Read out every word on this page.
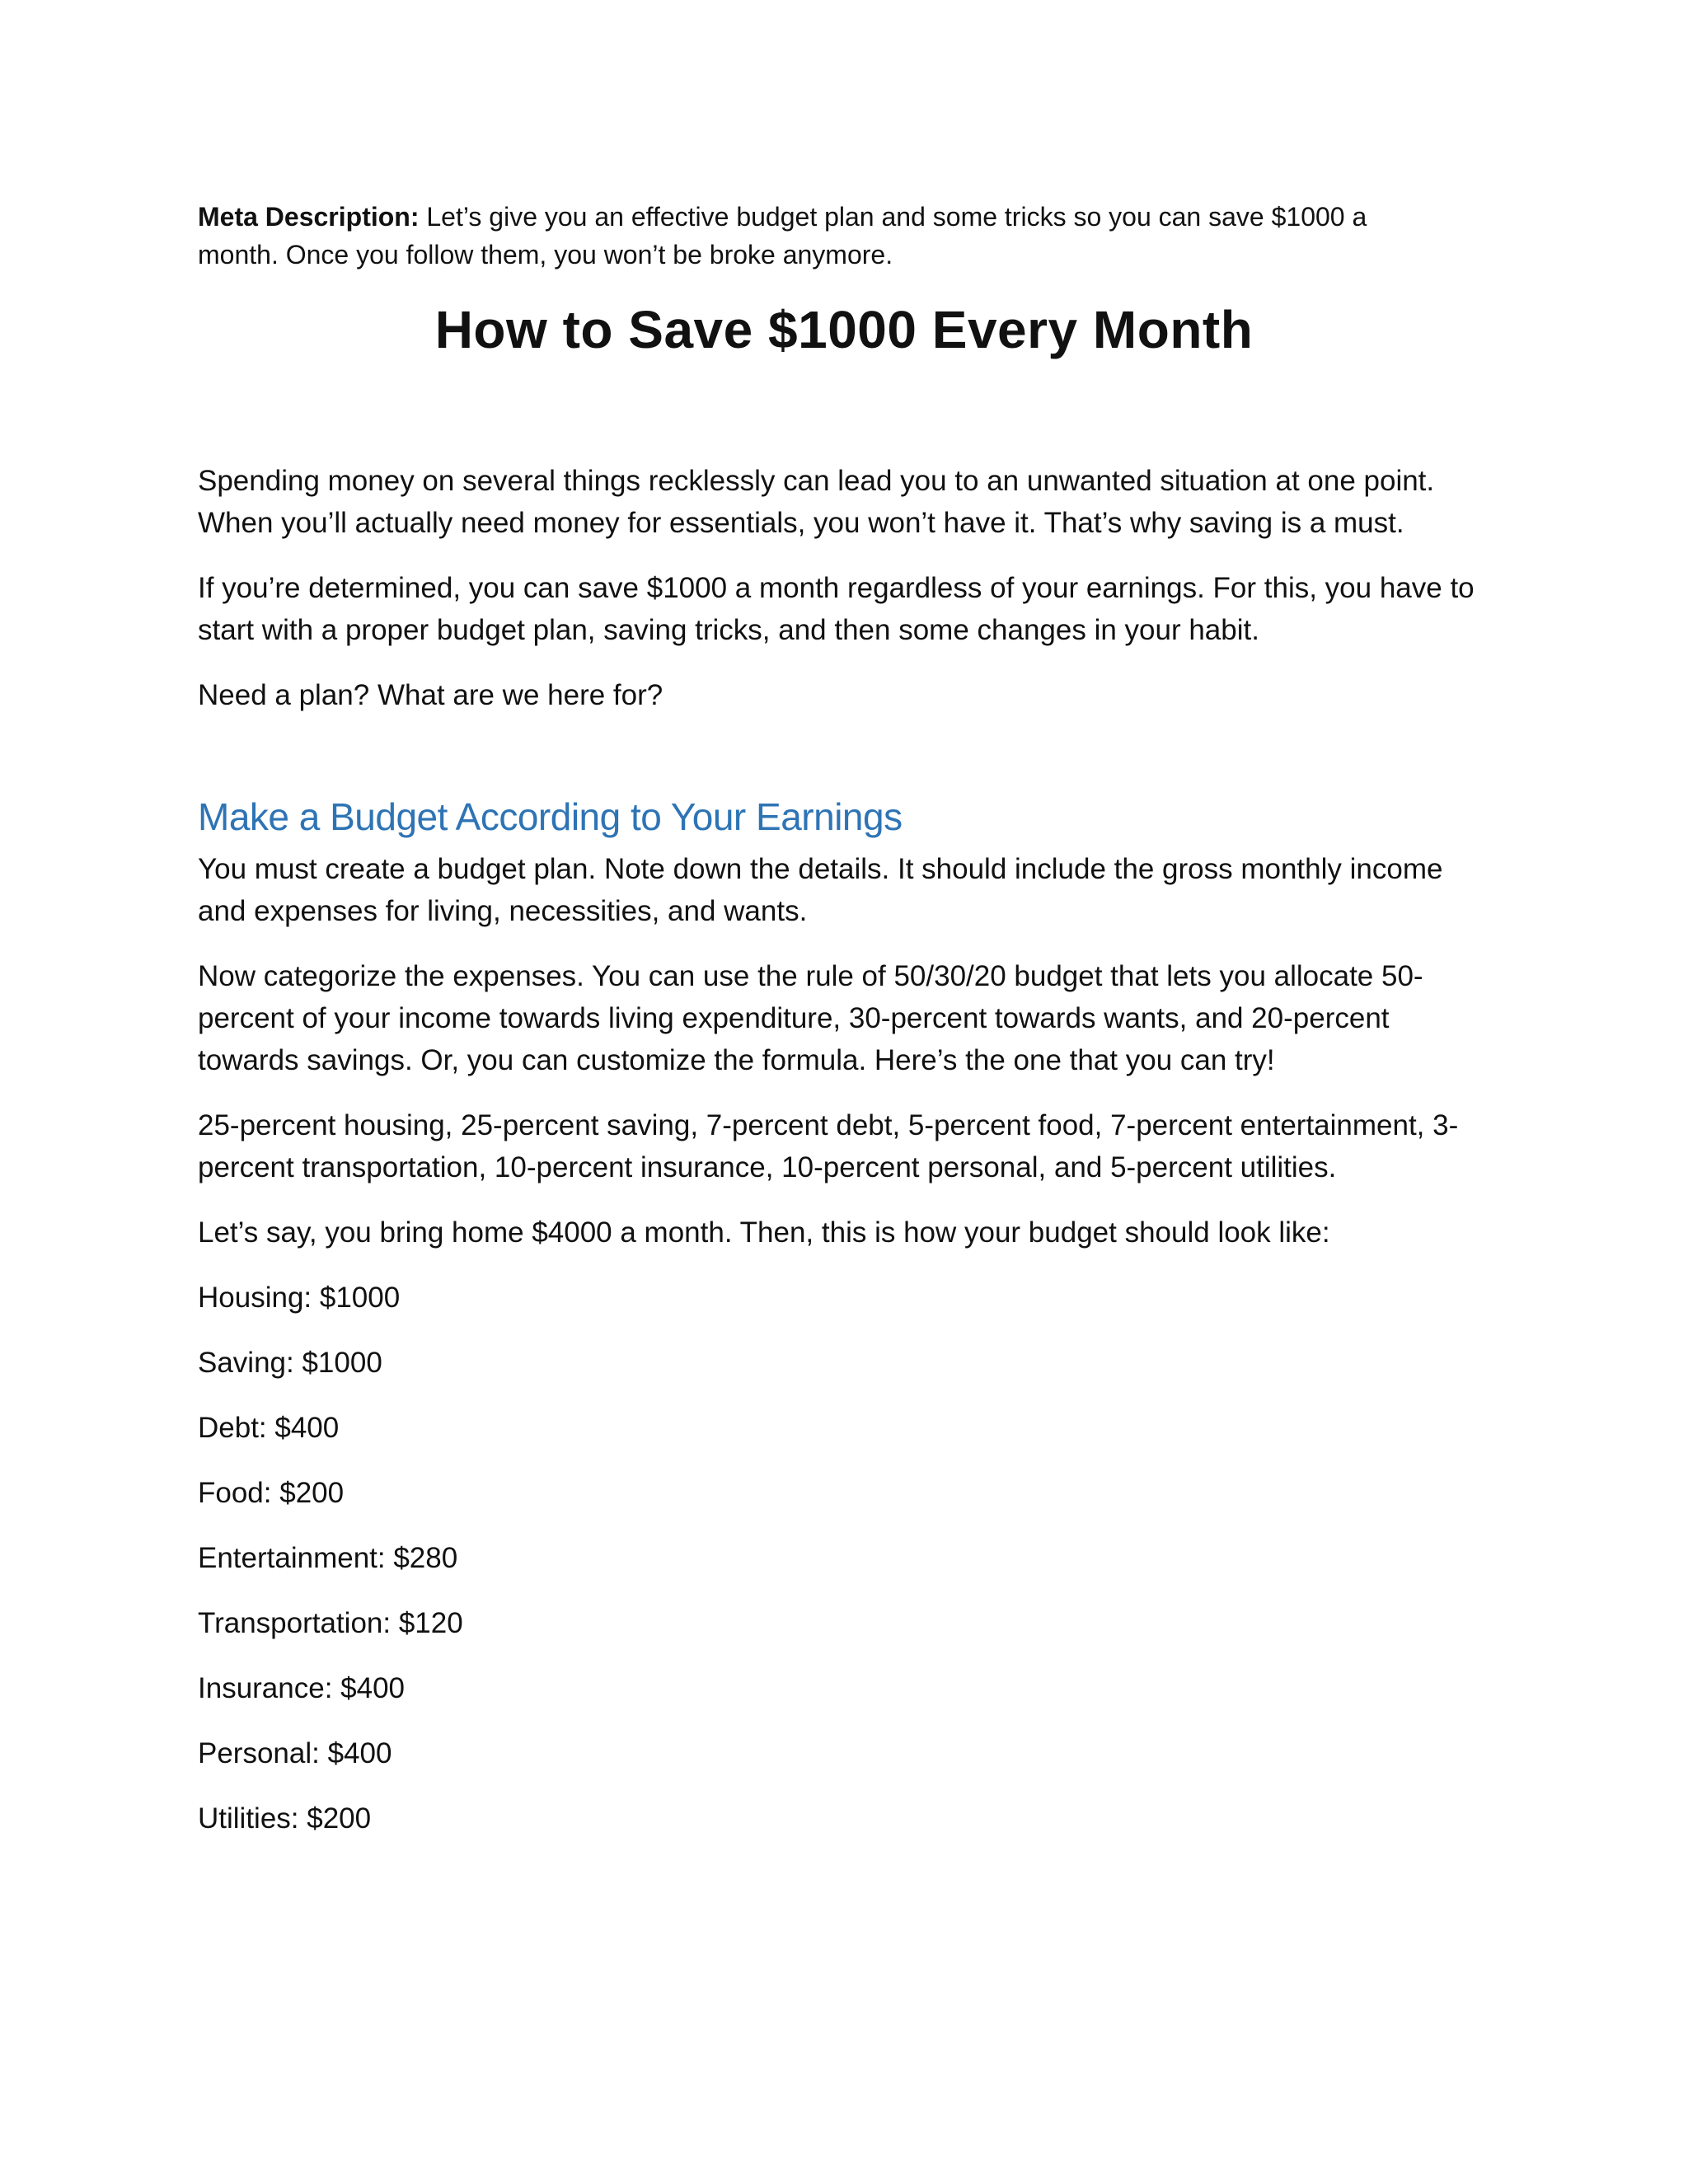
Meta Description: Let’s give you an effective budget plan and some tricks so you can save $1000 a month. Once you follow them, you won’t be broke anymore.

How to Save $1000 Every Month

Spending money on several things recklessly can lead you to an unwanted situation at one point. When you’ll actually need money for essentials, you won’t have it. That’s why saving is a must.

If you’re determined, you can save $1000 a month regardless of your earnings. For this, you have to start with a proper budget plan, saving tricks, and then some changes in your habit.

Need a plan? What are we here for?

Make a Budget According to Your Earnings

You must create a budget plan. Note down the details. It should include the gross monthly income and expenses for living, necessities, and wants.

Now categorize the expenses. You can use the rule of 50/30/20 budget that lets you allocate 50-percent of your income towards living expenditure, 30-percent towards wants, and 20-percent towards savings. Or, you can customize the formula. Here’s the one that you can try!

25-percent housing, 25-percent saving, 7-percent debt, 5-percent food, 7-percent entertainment, 3-percent transportation, 10-percent insurance, 10-percent personal, and 5-percent utilities.

Let’s say, you bring home $4000 a month. Then, this is how your budget should look like:

Housing: $1000
Saving: $1000
Debt: $400
Food: $200
Entertainment: $280
Transportation: $120
Insurance: $400
Personal: $400
Utilities: $200
